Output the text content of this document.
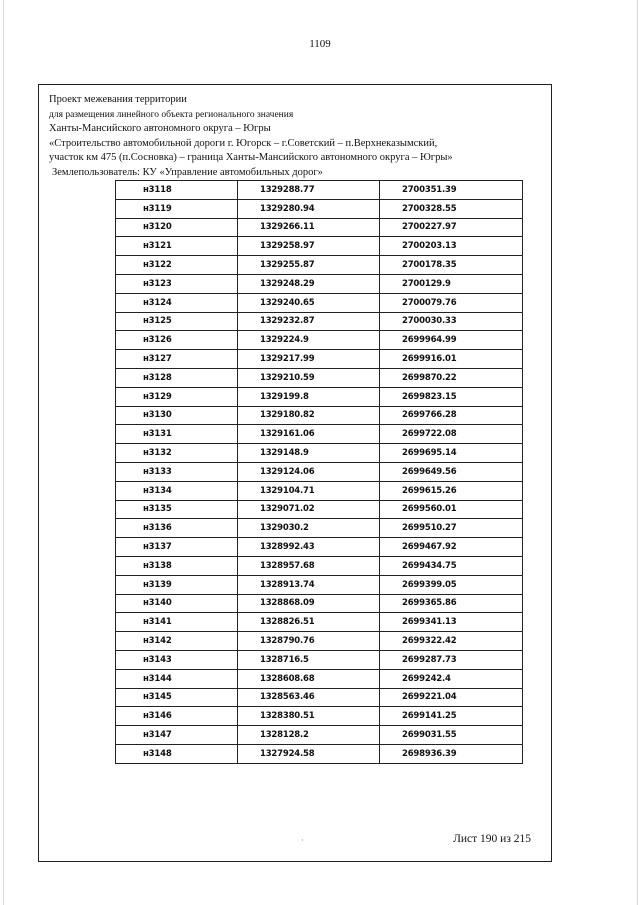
1109
Проект межевания территории
для размещения линейного объекта регионального значения
Ханты-Мансийского автономного округа – Югры
«Строительство автомобильной дороги г. Югорск – г.Советский – п.Верхнеказымский,
участок км 475 (п.Сосновка) – граница Ханты-Мансийского автономного округа – Югры»
Землепользователь: КУ «Управление автомобильных дорог»
н3118	1329288.77	2700351.39
н3119	1329280.94	2700328.55
н3120	1329266.11	2700227.97
н3121	1329258.97	2700203.13
н3122	1329255.87	2700178.35
н3123	1329248.29	2700129.9
н3124	1329240.65	2700079.76
н3125	1329232.87	2700030.33
н3126	1329224.9	2699964.99
н3127	1329217.99	2699916.01
н3128	1329210.59	2699870.22
н3129	1329199.8	2699823.15
н3130	1329180.82	2699766.28
н3131	1329161.06	2699722.08
н3132	1329148.9	2699695.14
н3133	1329124.06	2699649.56
н3134	1329104.71	2699615.26
н3135	1329071.02	2699560.01
н3136	1329030.2	2699510.27
н3137	1328992.43	2699467.92
н3138	1328957.68	2699434.75
н3139	1328913.74	2699399.05
н3140	1328868.09	2699365.86
н3141	1328826.51	2699341.13
н3142	1328790.76	2699322.42
н3143	1328716.5	2699287.73
н3144	1328608.68	2699242.4
н3145	1328563.46	2699221.04
н3146	1328380.51	2699141.25
н3147	1328128.2	2699031.55
н3148	1327924.58	2698936.39
·	Лист 190 из 215
